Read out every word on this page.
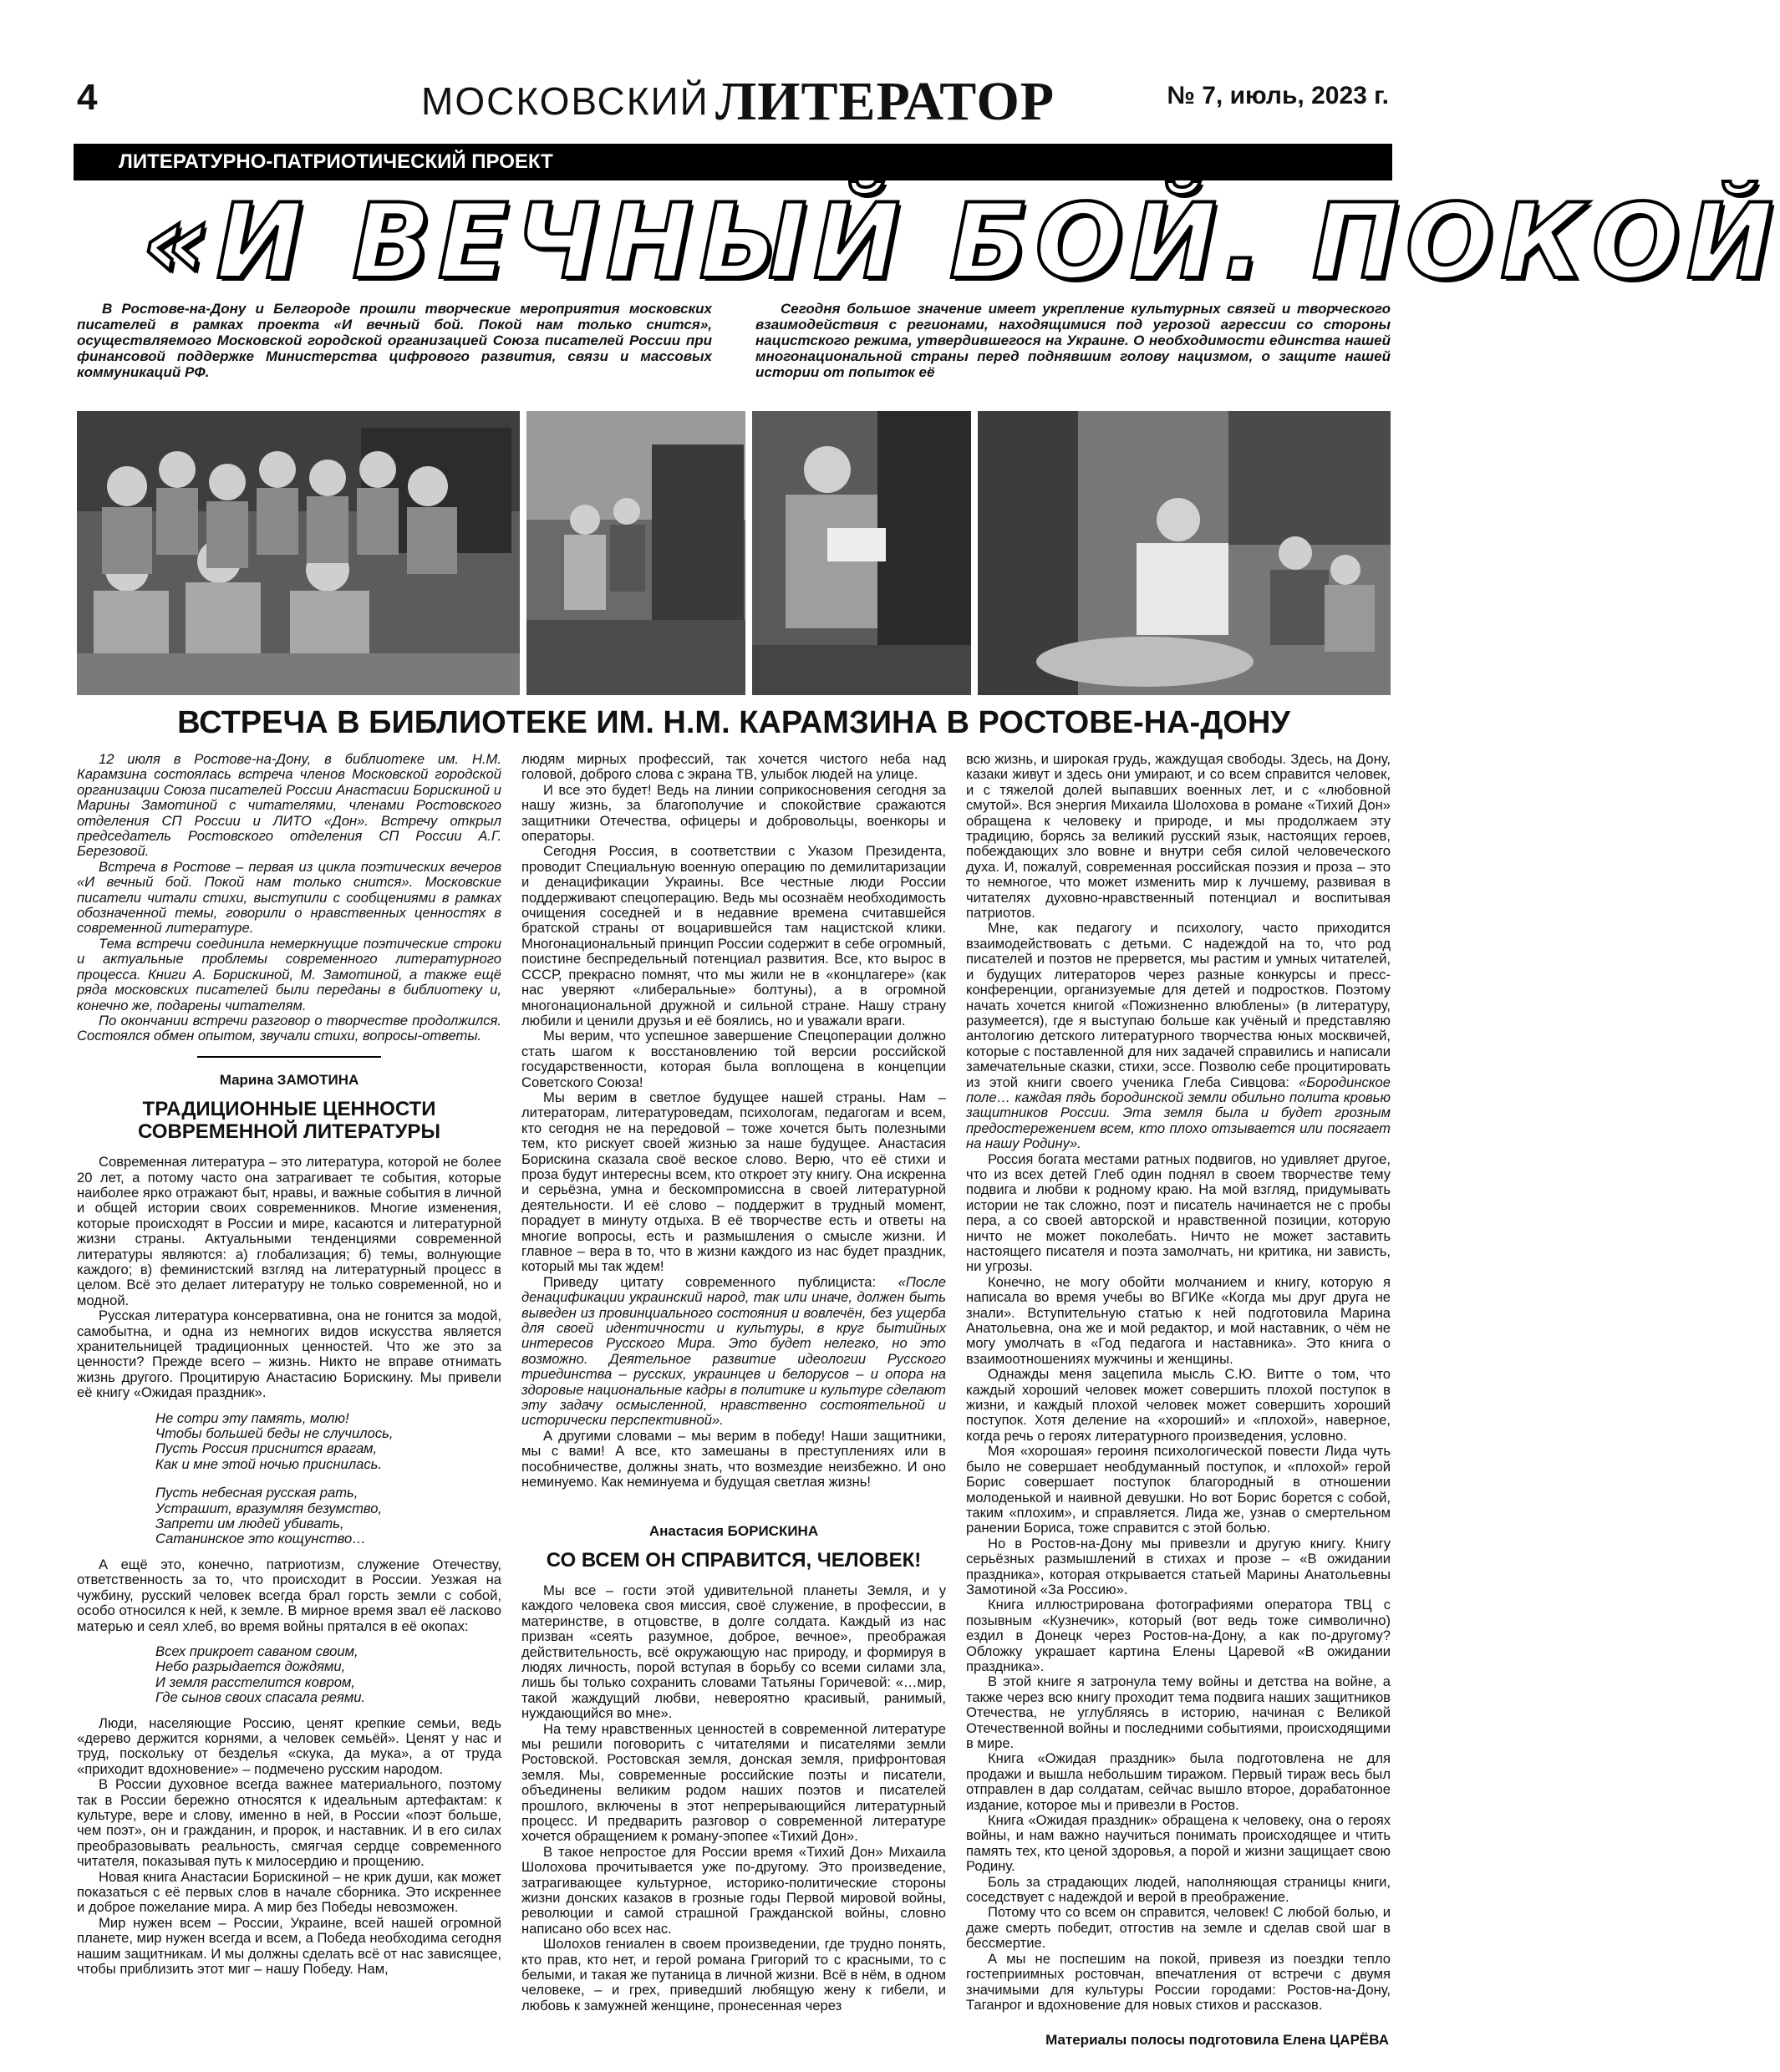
4	МОСКОВСКИЙ ЛИТЕРАТОР	№ 7, июль, 2023 г.
ЛИТЕРАТУРНО-ПАТРИОТИЧЕСКИЙ ПРОЕКТ
«И ВЕЧНЫЙ БОЙ. ПОКОЙ
В Ростове-на-Дону и Белгороде прошли творческие мероприятия московских писателей в рамках проекта «И вечный бой. Покой нам только снится», осуществляемого Московской городской организацией Союза писателей России при финансовой поддержке Министерства цифрового развития, связи и массовых коммуникаций РФ.
Сегодня большое значение имеет укрепление культурных связей и творческого взаимодействия с регионами, находящимися под угрозой агрессии со стороны нацистского режима, утвердившегося на Украине. О необходимости единства нашей многонациональной страны перед поднявшим голову нацизмом, о защите нашей истории от попыток её
ВСТРЕЧА В БИБЛИОТЕКЕ ИМ. Н.М. КАРАМЗИНА В РОСТОВЕ-НА-ДОНУ

12 июля в Ростове-на-Дону, в библиотеке им. Н.М. Карамзина состоялась встреча членов Московской городской организации Союза писателей России Анастасии Борискиной и Марины Замотиной с читателями, членами Ростовского отделения СП России и ЛИТО «Дон». Встречу открыл председатель Ростовского отделения СП России А.Г. Березовой.

Встреча в Ростове – первая из цикла поэтических вечеров «И вечный бой. Покой нам только снится». Московские писатели читали стихи, выступили с сообщениями в рамках обозначенной темы, говорили о нравственных ценностях в современной литературе.

Тема встречи соединила немеркнущие поэтические строки и актуальные проблемы современного литературного процесса. Книги А. Борискиной, М. Замотиной, а также ещё ряда московских писателей были переданы в библиотеку и, конечно же, подарены читателям.

По окончании встречи разговор о творчестве продолжился. Состоялся обмен опытом, звучали стихи, вопросы-ответы.

Марина ЗАМОТИНА
ТРАДИЦИОННЫЕ ЦЕННОСТИ СОВРЕМЕННОЙ ЛИТЕРАТУРЫ

Современная литература – это литература, которой не более 20 лет, а потому часто она затрагивает те события, которые наиболее ярко отражают быт, нравы, и важные события в личной и общей истории своих современников. Многие изменения, которые происходят в России и мире, касаются и литературной жизни страны. Актуальными тенденциями современной литературы являются: а) глобализация; б) темы, волнующие каждого; в) феминистский взгляд на литературный процесс в целом. Всё это делает литературу не только современной, но и модной.

Русская литература консервативна, она не гонится за модой, самобытна, и одна из немногих видов искусства является хранительницей традиционных ценностей. Что же это за ценности? Прежде всего – жизнь. Никто не вправе отнимать жизнь другого. Процитирую Анастасию Борискину. Мы привели её книгу «Ожидая праздник».

Не сотри эту память, молю!
Чтобы большей беды не случилось,
Пусть Россия приснится врагам,
Как и мне этой ночью приснилась.
Пусть небесная русская рать,
Устрашит, вразумляя безумство,
Запрети им людей убивать,
Сатанинское это кощунство…

А ещё это, конечно, патриотизм, служение Отечеству, ответственность за то, что происходит в России. Уезжая на чужбину, русский человек всегда брал горсть земли с собой, особо относился к ней, к земле. В мирное время звал её ласково матерью и сеял хлеб, во время войны прятался в её окопах:

Всех прикроет саваном своим,
Небо разрыдается дождями,
И земля расстелится ковром,
Где сынов своих спасала реями.

Люди, населяющие Россию, ценят крепкие семьи, ведь «дерево держится корнями, а человек семьёй». Ценят у нас и труд, поскольку от безделья «скука, да мука», а от труда «приходит вдохновение» – подмечено русским народом.

В России духовное всегда важнее материального, поэтому так в России бережно относятся к идеальным артефактам: к культуре, вере и слову, именно в ней, в России «поэт больше, чем поэт», он и гражданин, и пророк, и наставник. И в его силах преобразовывать реальность, смягчая сердце современного читателя, показывая путь к милосердию и прощению.

Новая книга Анастасии Борискиной – не крик души, как может показаться с её первых слов в начале сборника. Это искреннее и доброе пожелание мира. А мир без Победы невозможен.

Мир нужен всем – России, Украине, всей нашей огромной планете, мир нужен всегда и всем, а Победа необходима сегодня нашим защитникам. И мы должны сделать всё от нас зависящее, чтобы приблизить этот миг – нашу Победу. Нам,

людям мирных профессий, так хочется чистого неба над головой, доброго слова с экрана ТВ, улыбок людей на улице.

И все это будет! Ведь на линии соприкосновения сегодня за нашу жизнь, за благополучие и спокойствие сражаются защитники Отечества, офицеры и добровольцы, военкоры и операторы.

Сегодня Россия, в соответствии с Указом Президента, проводит Специальную военную операцию по демилитаризации и денацификации Украины. Все честные люди России поддерживают спецоперацию. Ведь мы осознаём необходимость очищения соседней и в недавние времена считавшейся братской страны от воцарившейся там нацистской клики. Многонациональный принцип России содержит в себе огромный, поистине беспредельный потенциал развития. Все, кто вырос в СССР, прекрасно помнят, что мы жили не в «концлагере» (как нас уверяют «либеральные» болтуны), а в огромной многонациональной дружной и сильной стране. Нашу страну любили и ценили друзья и её боялись, но и уважали враги.

Мы верим, что успешное завершение Спецоперации должно стать шагом к восстановлению той версии российской государственности, которая была воплощена в концепции Советского Союза!

Мы верим в светлое будущее нашей страны. Нам – литераторам, литературоведам, психологам, педагогам и всем, кто сегодня не на передовой – тоже хочется быть полезными тем, кто рискует своей жизнью за наше будущее. Анастасия Борискина сказала своё веское слово. Верю, что её стихи и проза будут интересны всем, кто откроет эту книгу. Она искренна и серьёзна, умна и бескомпромиссна в своей литературной деятельности. И её слово – поддержит в трудный момент, порадует в минуту отдыха. В её творчестве есть и ответы на многие вопросы, есть и размышления о смысле жизни. И главное – вера в то, что в жизни каждого из нас будет праздник, который мы так ждем!

Приведу цитату современного публициста: «После денацификации украинский народ, так или иначе, должен быть выведен из провинциального состояния и вовлечён, без ущерба для своей идентичности и культуры, в круг бытийных интересов Русского Мира. Это будет нелегко, но это возможно. Деятельное развитие идеологии Русского триединства – русских, украинцев и белорусов – и опора на здоровые национальные кадры в политике и культуре сделают эту задачу осмысленной, нравственно состоятельной и исторически перспективной».

А другими словами – мы верим в победу! Наши защитники, мы с вами! А все, кто замешаны в преступлениях или в пособничестве, должны знать, что возмездие неизбежно. И оно неминуемо. Как неминуема и будущая светлая жизнь!

Анастасия БОРИСКИНА
СО ВСЕМ ОН СПРАВИТСЯ, ЧЕЛОВЕК!

Мы все – гости этой удивительной планеты Земля, и у каждого человека своя миссия, своё служение, в профессии, в материнстве, в отцовстве, в долге солдата. Каждый из нас призван «сеять разумное, доброе, вечное», преображая действительность, всё окружающую нас природу, и формируя в людях личность, порой вступая в борьбу со всеми силами зла, лишь бы только сохранить словами Татьяны Горичевой: «…мир, такой жаждущий любви, невероятно красивый, ранимый, нуждающийся во мне».

На тему нравственных ценностей в современной литературе мы решили поговорить с читателями и писателями земли Ростовской. Ростовская земля, донская земля, прифронтовая земля. Мы, современные российские поэты и писатели, объединены великим родом наших поэтов и писателей прошлого, включены в этот непрерывающийся литературный процесс. И предварить разговор о современной литературе хочется обращением к роману-эпопее «Тихий Дон».

В такое непростое для России время «Тихий Дон» Михаила Шолохова прочитывается уже по-другому. Это произведение, затрагивающее культурное, историко-политические стороны жизни донских казаков в грозные годы Первой мировой войны, революции и самой страшной Гражданской войны, словно написано обо всех нас.

Шолохов гениален в своем произведении, где трудно понять, кто прав, кто нет, и герой романа Григорий то с красными, то с белыми, и такая же путаница в личной жизни. Всё в нём, в одном человеке, – и грех, приведший любящую жену к гибели, и любовь к замужней женщине, пронесенная через

всю жизнь, и широкая грудь, жаждущая свободы. Здесь, на Дону, казаки живут и здесь они умирают, и со всем справится человек, и с тяжелой долей выпавших военных лет, и с «любовной смутой». Вся энергия Михаила Шолохова в романе «Тихий Дон» обращена к человеку и природе, и мы продолжаем эту традицию, борясь за великий русский язык, настоящих героев, побеждающих зло вовне и внутри себя силой человеческого духа. И, пожалуй, современная российская поэзия и проза – это то немногое, что может изменить мир к лучшему, развивая в читателях духовно-нравственный потенциал и воспитывая патриотов.

Мне, как педагогу и психологу, часто приходится взаимодействовать с детьми. С надеждой на то, что род писателей и поэтов не прервется, мы растим и умных читателей, и будущих литераторов через разные конкурсы и пресс-конференции, организуемые для детей и подростков. Поэтому начать хочется книгой «Пожизненно влюблены» (в литературу, разумеется), где я выступаю больше как учёный и представляю антологию детского литературного творчества юных москвичей, которые с поставленной для них задачей справились и написали замечательные сказки, стихи, эссе. Позволю себе процитировать из этой книги своего ученика Глеба Сивцова: «Бородинское поле… каждая пядь бородинской земли обильно полита кровью защитников России. Эта земля была и будет грозным предостережением всем, кто плохо отзывается или посягает на нашу Родину».

Россия богата местами ратных подвигов, но удивляет другое, что из всех детей Глеб один поднял в своем творчестве тему подвига и любви к родному краю. На мой взгляд, придумывать истории не так сложно, поэт и писатель начинается не с пробы пера, а со своей авторской и нравственной позиции, которую ничто не может поколебать. Ничто не может заставить настоящего писателя и поэта замолчать, ни критика, ни зависть, ни угрозы.

Конечно, не могу обойти молчанием и книгу, которую я написала во время учебы во ВГИКе «Когда мы друг друга не знали». Вступительную статью к ней подготовила Марина Анатольевна, она же и мой редактор, и мой наставник, о чём не могу умолчать в «Год педагога и наставника». Это книга о взаимоотношениях мужчины и женщины.

Однажды меня зацепила мысль С.Ю. Витте о том, что каждый хороший человек может совершить плохой поступок в жизни, и каждый плохой человек может совершить хороший поступок. Хотя деление на «хороший» и «плохой», наверное, когда речь о героях литературного произведения, условно.

Моя «хорошая» героиня психологической повести Лида чуть было не совершает необдуманный поступок, и «плохой» герой Борис совершает поступок благородный в отношении молоденькой и наивной девушки. Но вот Борис борется с собой, таким «плохим», и справляется. Лида же, узнав о смертельном ранении Бориса, тоже справится с этой болью.

Но в Ростов-на-Дону мы привезли и другую книгу. Книгу серьёзных размышлений в стихах и прозе – «В ожидании праздника», которая открывается статьей Марины Анатольевны Замотиной «За Россию».

Книга иллюстрирована фотографиями оператора ТВЦ с позывным «Кузнечик», который (вот ведь тоже символично) ездил в Донецк через Ростов-на-Дону, а как по-другому? Обложку украшает картина Елены Царевой «В ожидании праздника».

В этой книге я затронула тему войны и детства на войне, а также через всю книгу проходит тема подвига наших защитников Отечества, не углубляясь в историю, начиная с Великой Отечественной войны и последними событиями, происходящими в мире.

Книга «Ожидая праздник» была подготовлена не для продажи и вышла небольшим тиражом. Первый тираж весь был отправлен в дар солдатам, сейчас вышло второе, дорабатонное издание, которое мы и привезли в Ростов.

Книга «Ожидая праздник» обращена к человеку, она о героях войны, и нам важно научиться понимать происходящее и чтить память тех, кто ценой здоровья, а порой и жизни защищает свою Родину.

Боль за страдающих людей, наполняющая страницы книги, соседствует с надеждой и верой в преображение.

Потому что со всем он справится, человек! С любой болью, и даже смерть победит, отгостив на земле и сделав свой шаг в бессмертие.

А мы не поспешим на покой, привезя из поездки тепло гостеприимных ростовчан, впечатления от встречи с двумя значимыми для культуры России городами: Ростов-на-Дону, Таганрог и вдохновение для новых стихов и рассказов.

Материалы полосы подготовила Елена ЦАРЁВА
